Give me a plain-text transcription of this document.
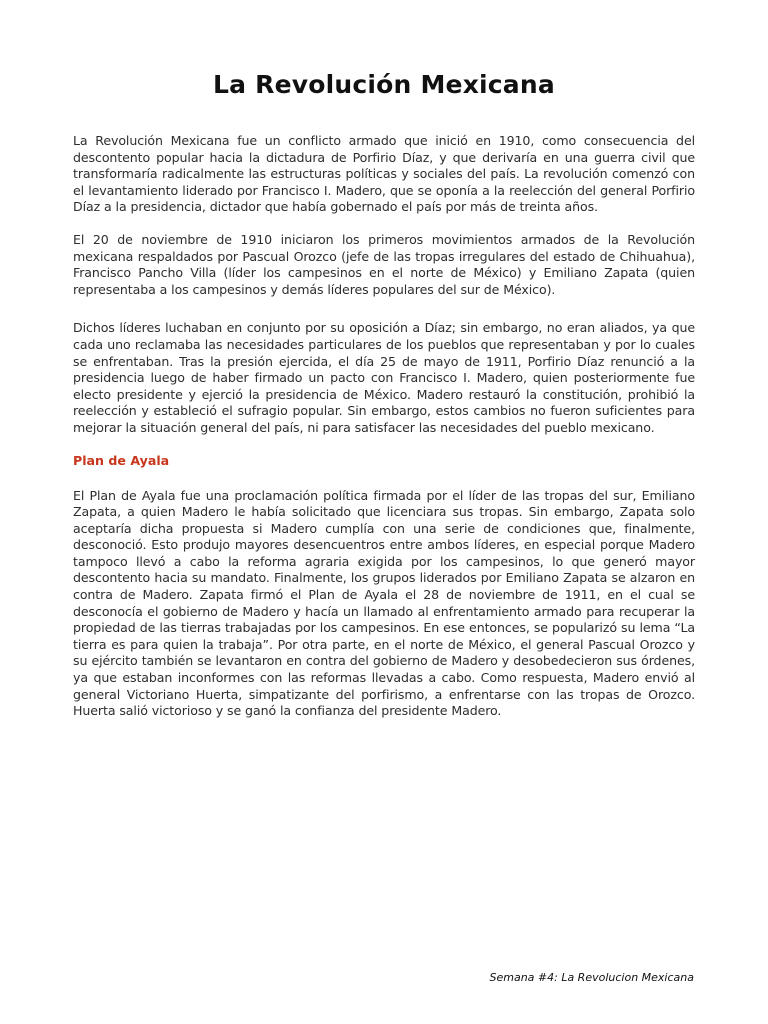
La Revolución Mexicana

La Revolución Mexicana fue un conflicto armado que inició en 1910, como consecuencia del descontento popular hacia la dictadura de Porfirio Díaz, y que derivaría en una guerra civil que transformaría radicalmente las estructuras políticas y sociales del país. La revolución comenzó con el levantamiento liderado por Francisco I. Madero, que se oponía a la reelección del general Porfirio Díaz a la presidencia, dictador que había gobernado el país por más de treinta años.

El 20 de noviembre de 1910 iniciaron los primeros movimientos armados de la Revolución mexicana respaldados por Pascual Orozco (jefe de las tropas irregulares del estado de Chihuahua), Francisco Pancho Villa (líder los campesinos en el norte de México) y Emiliano Zapata (quien representaba a los campesinos y demás líderes populares del sur de México).

Dichos líderes luchaban en conjunto por su oposición a Díaz; sin embargo, no eran aliados, ya que cada uno reclamaba las necesidades particulares de los pueblos que representaban y por lo cuales se enfrentaban. Tras la presión ejercida, el día 25 de mayo de 1911, Porfirio Díaz renunció a la presidencia luego de haber firmado un pacto con Francisco I. Madero, quien posteriormente fue electo presidente y ejerció la presidencia de México. Madero restauró la constitución, prohibió la reelección y estableció el sufragio popular. Sin embargo, estos cambios no fueron suficientes para mejorar la situación general del país, ni para satisfacer las necesidades del pueblo mexicano.

Plan de Ayala

El Plan de Ayala fue una proclamación política firmada por el líder de las tropas del sur, Emiliano Zapata, a quien Madero le había solicitado que licenciara sus tropas. Sin embargo, Zapata solo aceptaría dicha propuesta si Madero cumplía con una serie de condiciones que, finalmente, desconoció. Esto produjo mayores desencuentros entre ambos líderes, en especial porque Madero tampoco llevó a cabo la reforma agraria exigida por los campesinos, lo que generó mayor descontento hacia su mandato. Finalmente, los grupos liderados por Emiliano Zapata se alzaron en contra de Madero. Zapata firmó el Plan de Ayala el 28 de noviembre de 1911, en el cual se desconocía el gobierno de Madero y hacía un llamado al enfrentamiento armado para recuperar la propiedad de las tierras trabajadas por los campesinos. En ese entonces, se popularizó su lema “La tierra es para quien la trabaja”. Por otra parte, en el norte de México, el general Pascual Orozco y su ejército también se levantaron en contra del gobierno de Madero y desobedecieron sus órdenes, ya que estaban inconformes con las reformas llevadas a cabo. Como respuesta, Madero envió al general Victoriano Huerta, simpatizante del porfirismo, a enfrentarse con las tropas de Orozco. Huerta salió victorioso y se ganó la confianza del presidente Madero.

Semana #4: La Revolucion Mexicana
